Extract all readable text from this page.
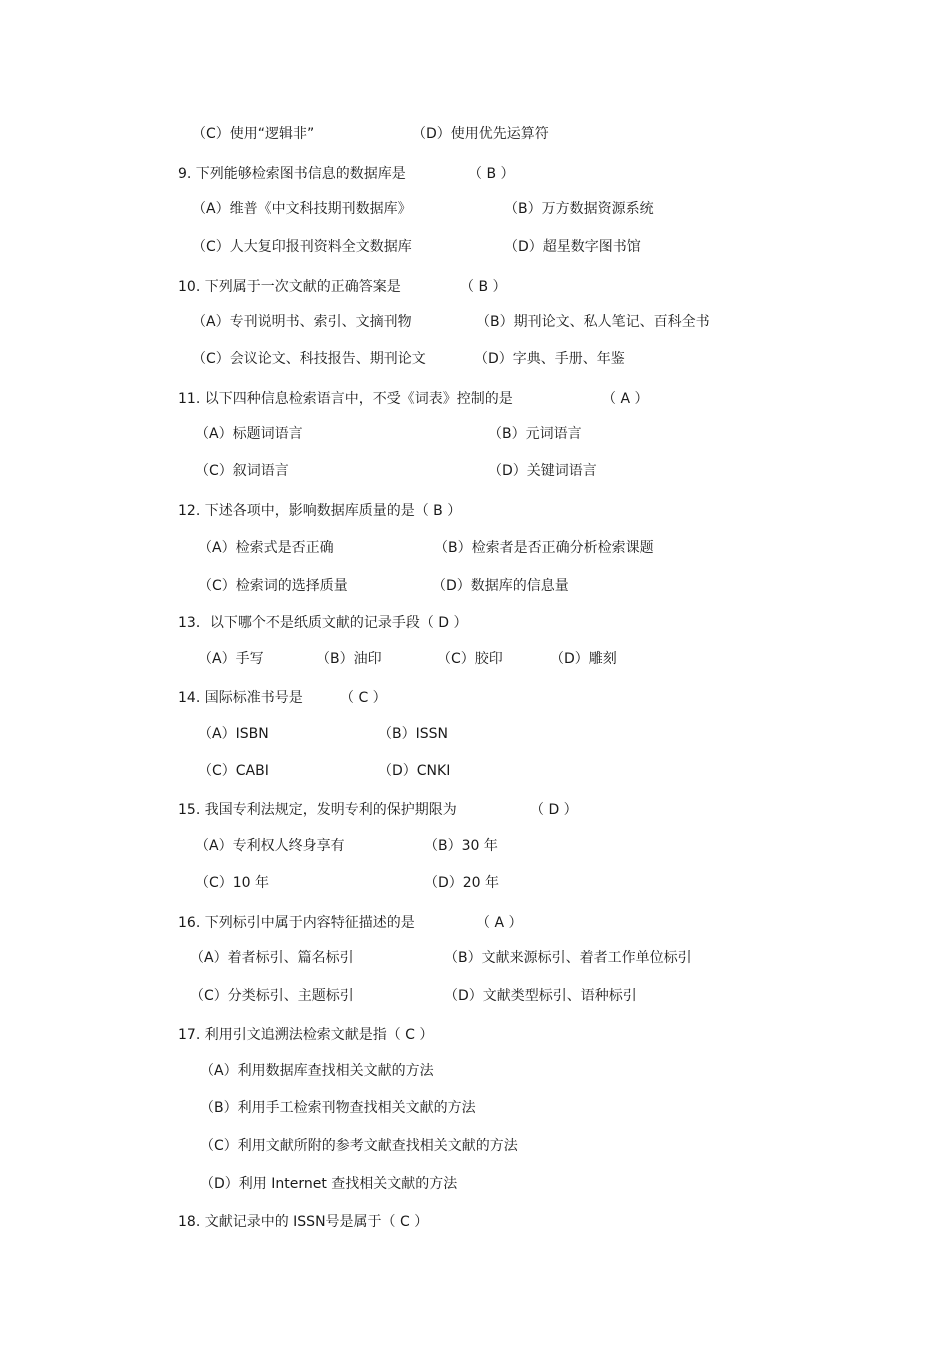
（C）使用“逻辑非”	（D）使用优先运算符
9. 下列能够检索图书信息的数据库是	（ B ）
（A）维普《中文科技期刊数据库》	（B）万方数据资源系统
（C）人大复印报刊资料全文数据库	（D）超星数字图书馆
10. 下列属于一次文献的正确答案是	（ B ）
（A）专刊说明书、索引、文摘刊物	（B）期刊论文、私人笔记、百科全书
（C）会议论文、科技报告、期刊论文	（D）字典、手册、年鉴
11. 以下四种信息检索语言中，不受《词表》控制的是	（ A ）
（A）标题词语言	（B）元词语言
（C）叙词语言	（D）关键词语言
12. 下述各项中，影响数据库质量的是（ B ）
（A）检索式是否正确	（B）检索者是否正确分析检索课题
（C）检索词的选择质量	（D）数据库的信息量
13．以下哪个不是纸质文献的记录手段（ D ）
（A）手写	（B）油印	（C）胶印	（D）雕刻
14. 国际标准书号是	（ C ）
（A）ISBN	（B）ISSN
（C）CABI	（D）CNKI
15. 我国专利法规定，发明专利的保护期限为	（ D ）
（A）专利权人终身享有	（B）30 年
（C）10 年	（D）20 年
16. 下列标引中属于内容特征描述的是	（ A ）
（A）着者标引、篇名标引	（B）文献来源标引、着者工作单位标引
（C）分类标引、主题标引	（D）文献类型标引、语种标引
17. 利用引文追溯法检索文献是指（ C ）
（A）利用数据库查找相关文献的方法
（B）利用手工检索刊物查找相关文献的方法
（C）利用文献所附的参考文献查找相关文献的方法
（D）利用 Internet 查找相关文献的方法
18. 文献记录中的 ISSN号是属于（ C ）
